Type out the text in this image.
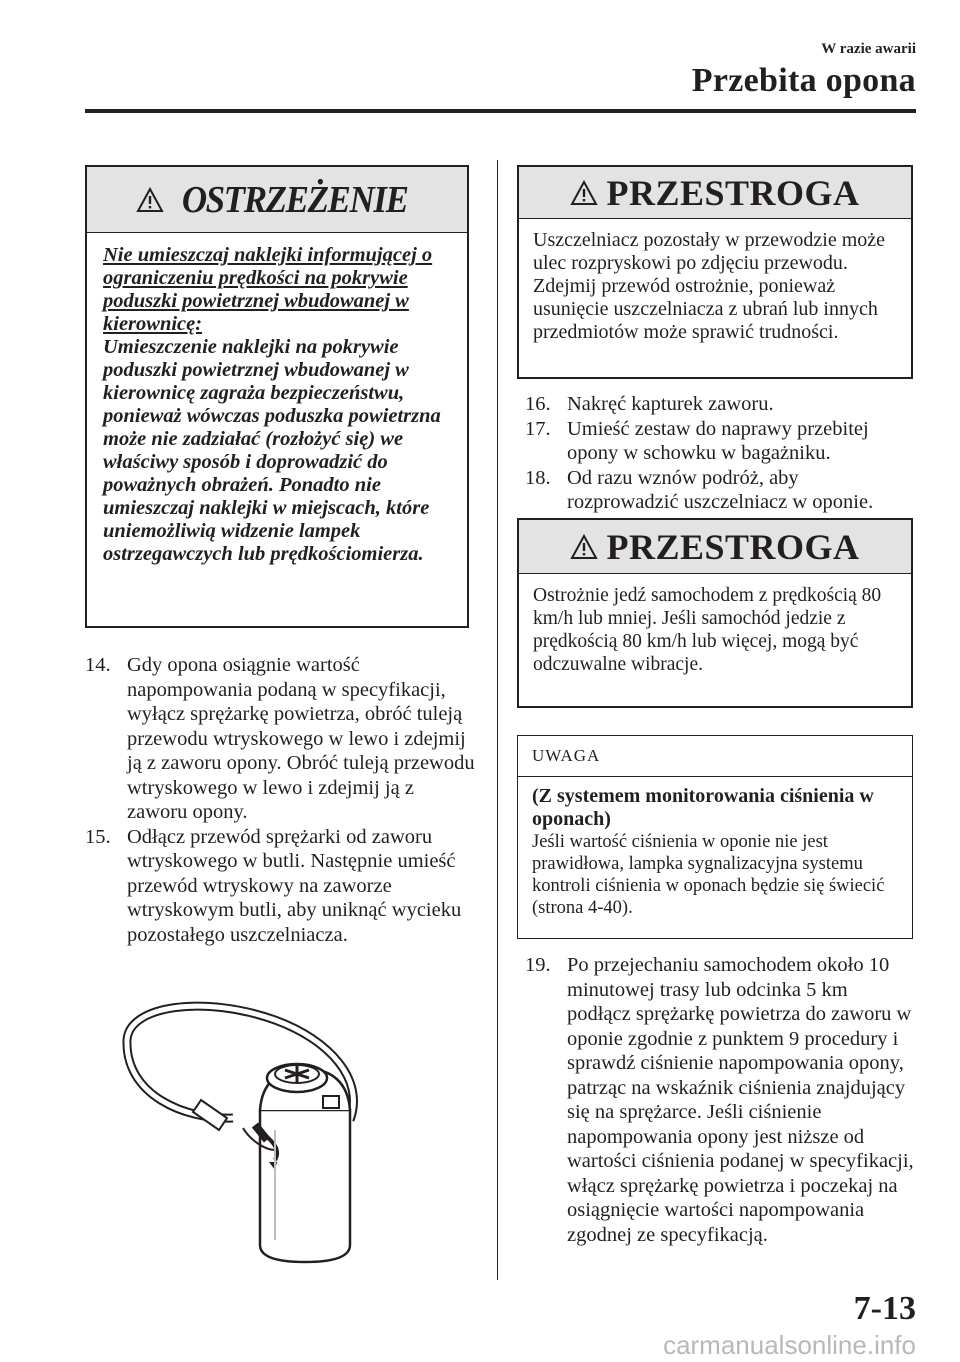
W razie awarii
Przebita opona
OSTRZEŻENIE
Nie umieszczaj naklejki informującej o ograniczeniu prędkości na pokrywie poduszki powietrznej wbudowanej w kierownicę:
Umieszczenie naklejki na pokrywie poduszki powietrznej wbudowanej w kierownicę zagraża bezpieczeństwu, ponieważ wówczas poduszka powietrzna może nie zadziałać (rozłożyć się) we właściwy sposób i doprowadzić do poważnych obrażeń. Ponadto nie umieszczaj naklejki w miejscach, które uniemożliwią widzenie lampek ostrzegawczych lub prędkościomierza.
14. Gdy opona osiągnie wartość napompowania podaną w specyfikacji, wyłącz sprężarkę powietrza, obróć tuleją przewodu wtryskowego w lewo i zdejmij ją z zaworu opony. Obróć tuleją przewodu wtryskowego w lewo i zdejmij ją z zaworu opony.
15. Odłącz przewód sprężarki od zaworu wtryskowego w butli. Następnie umieść przewód wtryskowy na zaworze wtryskowym butli, aby uniknąć wycieku pozostałego uszczelniacza.
PRZESTROGA
Uszczelniacz pozostały w przewodzie może ulec rozpryskowi po zdjęciu przewodu. Zdejmij przewód ostrożnie, ponieważ usunięcie uszczelniacza z ubrań lub innych przedmiotów może sprawić trudności.
16. Nakręć kapturek zaworu.
17. Umieść zestaw do naprawy przebitej opony w schowku w bagażniku.
18. Od razu wznów podróż, aby rozprowadzić uszczelniacz w oponie.
PRZESTROGA
Ostrożnie jedź samochodem z prędkością 80 km/h lub mniej. Jeśli samochód jedzie z prędkością 80 km/h lub więcej, mogą być odczuwalne wibracje.
UWAGA
(Z systemem monitorowania ciśnienia w oponach)
Jeśli wartość ciśnienia w oponie nie jest prawidłowa, lampka sygnalizacyjna systemu kontroli ciśnienia w oponach będzie się świecić (strona 4-40).
19. Po przejechaniu samochodem około 10 minutowej trasy lub odcinka 5 km podłącz sprężarkę powietrza do zaworu w oponie zgodnie z punktem 9 procedury i sprawdź ciśnienie napompowania opony, patrząc na wskaźnik ciśnienia znajdujący się na sprężarce. Jeśli ciśnienie napompowania opony jest niższe od wartości ciśnienia podanej w specyfikacji, włącz sprężarkę powietrza i poczekaj na osiągnięcie wartości napompowania zgodnej ze specyfikacją.
7-13
carmanualsonline.info
